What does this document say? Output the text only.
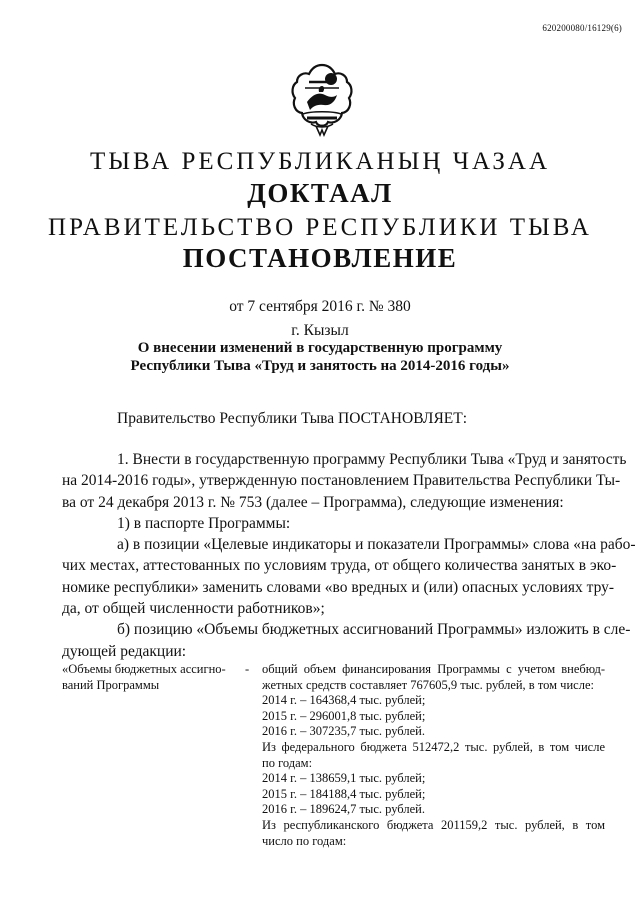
620200080/16129(6)
ТЫВА РЕСПУБЛИКАНЫҢ ЧАЗАА
ДОКТААЛ
ПРАВИТЕЛЬСТВО РЕСПУБЛИКИ ТЫВА
ПОСТАНОВЛЕНИЕ
от 7 сентября 2016 г. № 380
г. Кызыл
О внесении изменений в государственную программу
Республики Тыва «Труд и занятость на 2014-2016 годы»
Правительство Республики Тыва ПОСТАНОВЛЯЕТ:
1. Внести в государственную программу Республики Тыва «Труд и занятость
на 2014-2016 годы», утвержденную постановлением Правительства Республики Ты-
ва от 24 декабря 2013 г. № 753 (далее – Программа), следующие изменения:
1) в паспорте Программы:
а) в позиции «Целевые индикаторы и показатели Программы» слова «на рабо-
чих местах, аттестованных по условиям труда, от общего количества занятых в эко-
номике республики» заменить словами «во вредных и (или) опасных условиях тру-
да, от общей численности работников»;
б) позицию «Объемы бюджетных ассигнований Программы» изложить в сле-
дующей редакции:
«Объемы бюджетных ассигно-
ваний Программы
- общий объем финансирования Программы с учетом внебюд-
жетных средств составляет 767605,9 тыс. рублей, в том числе:
2014 г. – 164368,4 тыс. рублей;
2015 г. – 296001,8 тыс. рублей;
2016 г. – 307235,7 тыс. рублей.
Из федерального бюджета 512472,2 тыс. рублей, в том числе
по годам:
2014 г. – 138659,1 тыс. рублей;
2015 г. – 184188,4 тыс. рублей;
2016 г. – 189624,7 тыс. рублей.
Из республиканского бюджета 201159,2 тыс. рублей, в том
число по годам:
